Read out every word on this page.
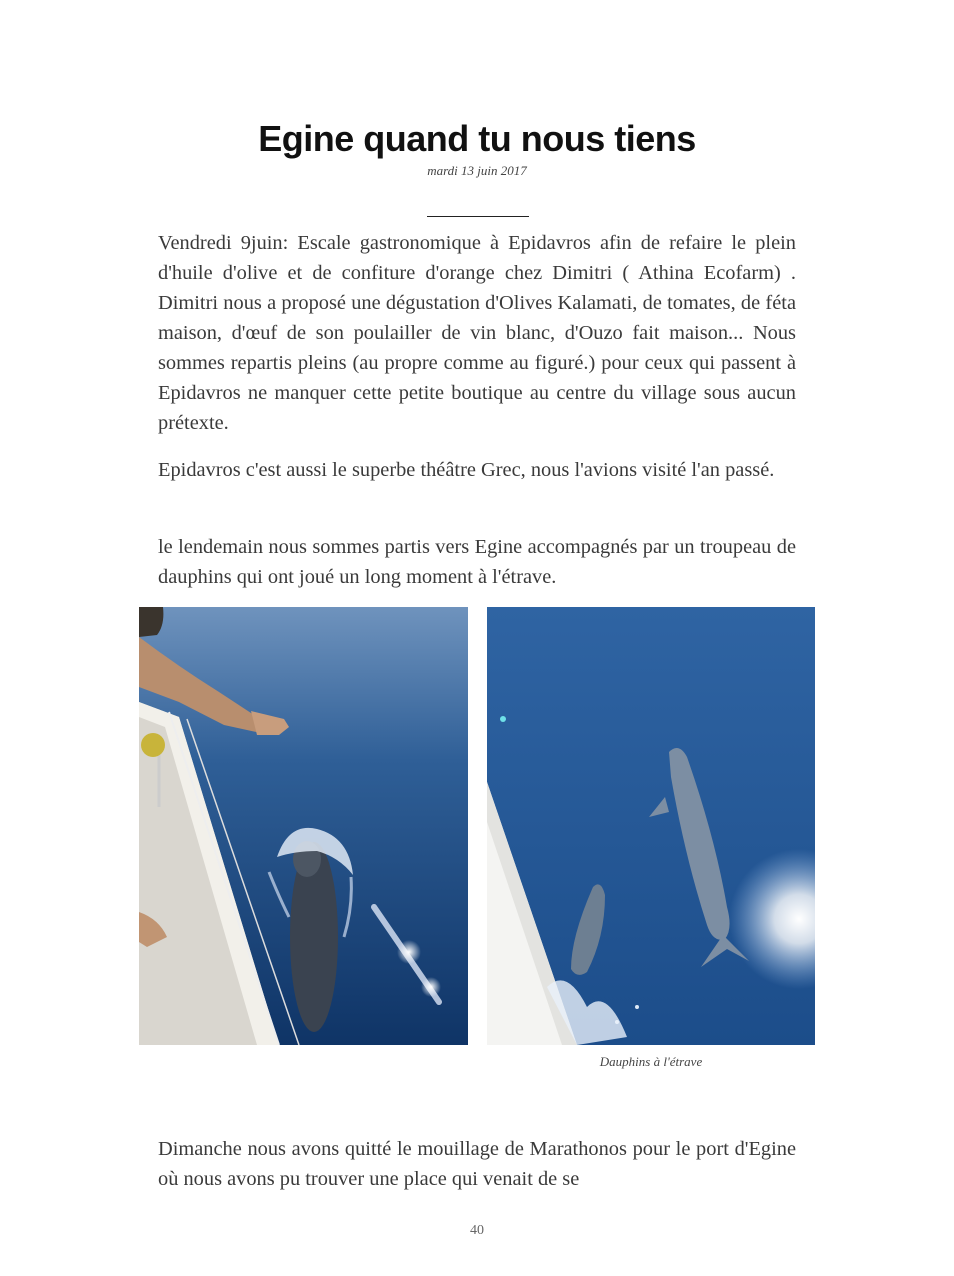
Egine quand tu nous tiens
mardi 13 juin 2017

Vendredi 9juin: Escale gastronomique à Epidavros afin de refaire le plein d'huile d'olive et de confiture d'orange chez Dimitri ( Athina Ecofarm) . Dimitri nous a proposé une dégustation d'Olives Kalamati, de tomates, de féta maison, d'œuf de son poulailler de vin blanc, d'Ouzo fait maison... Nous sommes repartis pleins (au propre comme au figuré.) pour ceux qui passent à Epidavros ne manquer cette petite boutique au centre du village sous aucun prétexte.

Epidavros c'est aussi le superbe théâtre Grec, nous l'avions visité l'an passé.

le lendemain nous sommes partis vers Egine accompagnés par un troupeau de dauphins qui ont joué un long moment à l'étrave.

Dauphins à l'étrave

Dimanche nous avons quitté le mouillage de Marathonos pour le port d'Egine où nous avons pu trouver une place qui venait de se

40
